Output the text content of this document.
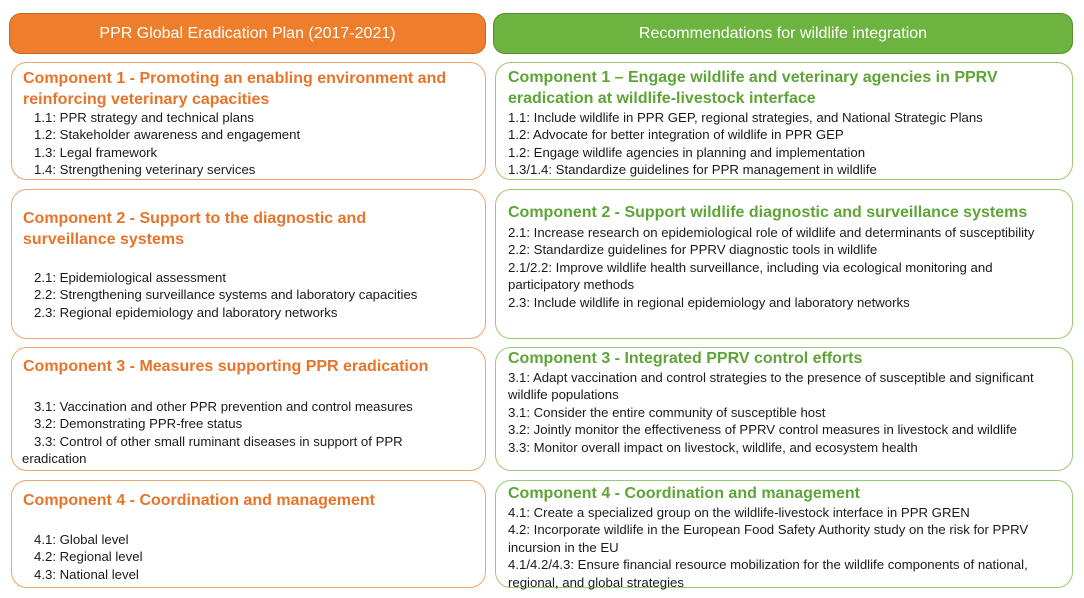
PPR Global Eradication Plan (2017-2021)	Recommendations for wildlife integration
Component 1 - Promoting an enabling environment and reinforcing veterinary capacities
1.1: PPR strategy and technical plans
1.2: Stakeholder awareness and engagement
1.3: Legal framework
1.4: Strengthening veterinary services
Component 2 - Support to the diagnostic and surveillance systems
2.1: Epidemiological assessment
2.2: Strengthening surveillance systems and laboratory capacities
2.3: Regional epidemiology and laboratory networks
Component 3 - Measures supporting PPR eradication
3.1: Vaccination and other PPR prevention and control measures
3.2: Demonstrating PPR-free status
3.3: Control of other small ruminant diseases in support of PPR eradication
Component 4 - Coordination and management
4.1: Global level
4.2: Regional level
4.3: National level
Component 1 – Engage wildlife and veterinary agencies in PPRV eradication at wildlife-livestock interface
1.1: Include wildlife in PPR GEP, regional strategies, and National Strategic Plans
1.2: Advocate for better integration of wildlife in PPR GEP
1.2: Engage wildlife agencies in planning and implementation
1.3/1.4: Standardize guidelines for PPR management in wildlife
Component 2 - Support wildlife diagnostic and surveillance systems
2.1: Increase research on epidemiological role of wildlife and determinants of susceptibility
2.2: Standardize guidelines for PPRV diagnostic tools in wildlife
2.1/2.2: Improve wildlife health surveillance, including via ecological monitoring and participatory methods
2.3: Include wildlife in regional epidemiology and laboratory networks
Component 3 - Integrated PPRV control efforts
3.1: Adapt vaccination and control strategies to the presence of susceptible and significant wildlife populations
3.1: Consider the entire community of susceptible host
3.2: Jointly monitor the effectiveness of PPRV control measures in livestock and wildlife
3.3: Monitor overall impact on livestock, wildlife, and ecosystem health
Component 4 - Coordination and management
4.1: Create a specialized group on the wildlife-livestock interface in PPR GREN
4.2: Incorporate wildlife in the European Food Safety Authority study on the risk for PPRV incursion in the EU
4.1/4.2/4.3: Ensure financial resource mobilization for the wildlife components of national, regional, and global strategies
